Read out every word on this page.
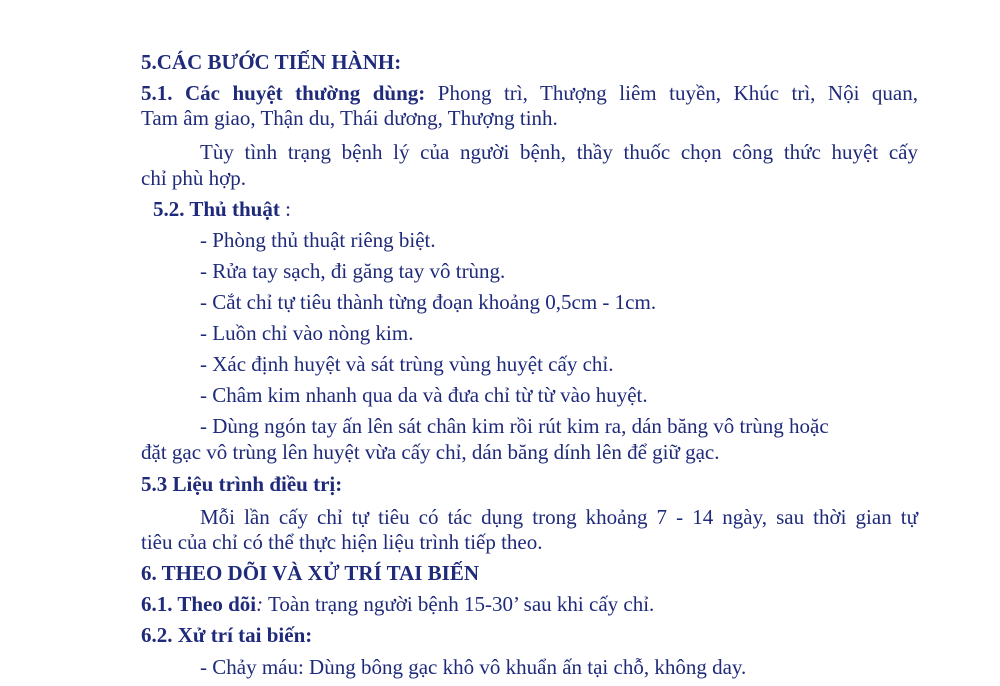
5.CÁC BƯỚC TIẾN HÀNH:
5.1. Các huyệt thường dùng: Phong trì, Thượng liêm tuyền, Khúc trì, Nội quan,
Tam âm giao, Thận du, Thái dương, Thượng tinh.
Tùy tình trạng bệnh lý của người bệnh, thầy thuốc chọn công thức huyệt cấy
chỉ phù hợp.
5.2. Thủ thuật :
- Phòng thủ thuật riêng biệt.
- Rửa tay sạch, đi găng tay vô trùng.
- Cắt chỉ tự tiêu thành từng đoạn khoảng 0,5cm - 1cm.
- Luồn chỉ vào nòng kim.
- Xác định huyệt và sát trùng vùng huyệt cấy chỉ.
- Châm kim nhanh qua da và đưa chỉ từ từ vào huyệt.
- Dùng ngón tay ấn lên sát chân kim rồi rút kim ra, dán băng vô trùng hoặc
đặt gạc vô trùng lên huyệt vừa cấy chỉ, dán băng dính lên để giữ gạc.
5.3 Liệu trình điều trị:
Mỗi lần cấy chỉ tự tiêu có tác dụng trong khoảng 7 - 14 ngày, sau thời gian tự
tiêu của chỉ có thể thực hiện liệu trình tiếp theo.
6. THEO DÕI VÀ XỬ TRÍ TAI BIẾN
6.1. Theo dõi: Toàn trạng người bệnh 15-30’ sau khi cấy chỉ.
6.2. Xử trí tai biến:
- Chảy máu: Dùng bông gạc khô vô khuẩn ấn tại chỗ, không day.
